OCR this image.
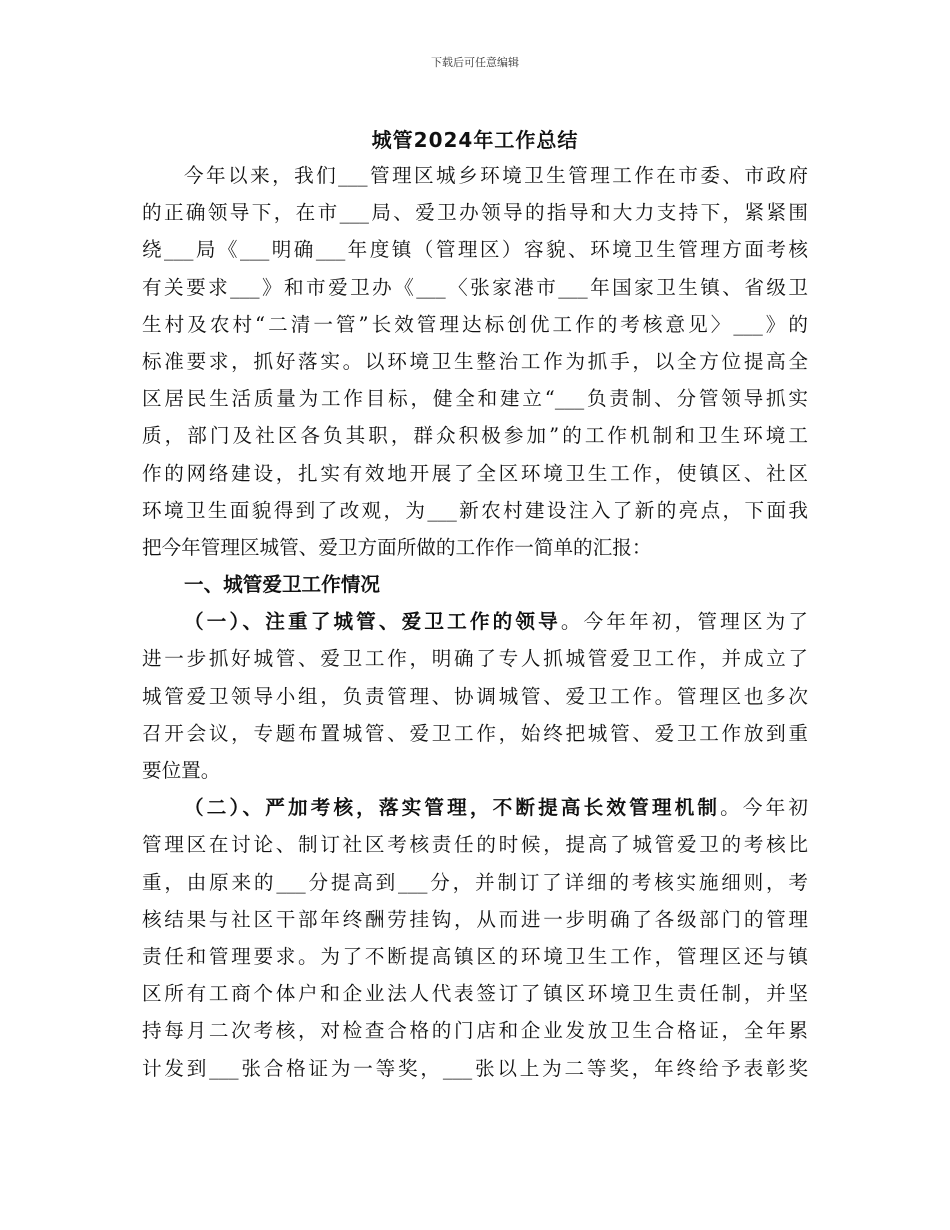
下载后可任意编辑
城管2024年工作总结
今年以来，我们___管理区城乡环境卫生管理工作在市委、市政府
的正确领导下，在市___局、爱卫办领导的指导和大力支持下，紧紧围
绕___局《___明确___年度镇（管理区）容貌、环境卫生管理方面考核
有关要求___》和市爱卫办《___〈张家港市___年国家卫生镇、省级卫
生村及农村“二清一管”长效管理达标创优工作的考核意见〉___》的
标准要求，抓好落实。以环境卫生整治工作为抓手，以全方位提高全
区居民生活质量为工作目标，健全和建立“___负责制、分管领导抓实
质，部门及社区各负其职，群众积极参加”的工作机制和卫生环境工
作的网络建设，扎实有效地开展了全区环境卫生工作，使镇区、社区
环境卫生面貌得到了改观，为___新农村建设注入了新的亮点，下面我
把今年管理区城管、爱卫方面所做的工作作一简单的汇报：
一、城管爱卫工作情况
（一）、注重了城管、爱卫工作的领导。今年年初，管理区为了
进一步抓好城管、爱卫工作，明确了专人抓城管爱卫工作，并成立了
城管爱卫领导小组，负责管理、协调城管、爱卫工作。管理区也多次
召开会议，专题布置城管、爱卫工作，始终把城管、爱卫工作放到重
要位置。
（二）、严加考核，落实管理，不断提高长效管理机制。今年初
管理区在讨论、制订社区考核责任的时候，提高了城管爱卫的考核比
重，由原来的___分提高到___分，并制订了详细的考核实施细则，考
核结果与社区干部年终酬劳挂钩，从而进一步明确了各级部门的管理
责任和管理要求。为了不断提高镇区的环境卫生工作，管理区还与镇
区所有工商个体户和企业法人代表签订了镇区环境卫生责任制，并坚
持每月二次考核，对检查合格的门店和企业发放卫生合格证，全年累
计发到___张合格证为一等奖，___张以上为二等奖，年终给予表彰奖
